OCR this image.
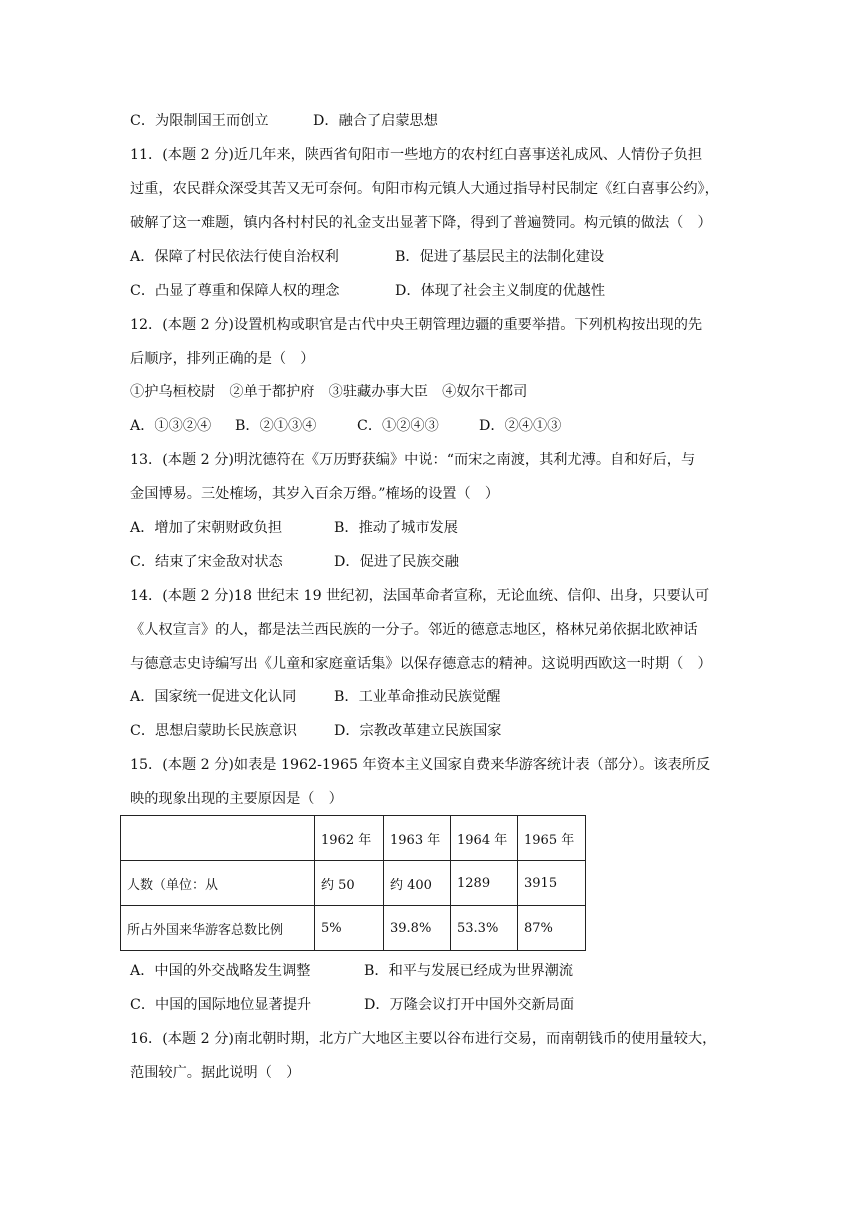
C．为限制国王而创立	D．融合了启蒙思想
11．(本题 2 分)近几年来，陕西省旬阳市一些地方的农村红白喜事送礼成风、人情份子负担
过重，农民群众深受其苦又无可奈何。旬阳市构元镇人大通过指导村民制定《红白喜事公约》，
破解了这一难题，镇内各村村民的礼金支出显著下降，得到了普遍赞同。构元镇的做法（　）
A．保障了村民依法行使自治权利	B．促进了基层民主的法制化建设
C．凸显了尊重和保障人权的理念	D．体现了社会主义制度的优越性
12．(本题 2 分)设置机构或职官是古代中央王朝管理边疆的重要举措。下列机构按出现的先
后顺序，排列正确的是（　）
①护乌桓校尉　②单于都护府　③驻藏办事大臣　④奴尔干都司
A．①③②④ B．②①③④	C．①②④③	D．②④①③
13．(本题 2 分)明沈德符在《万历野获编》中说：“而宋之南渡，其利尤溥。自和好后，与
金国博易。三处榷场，其岁入百余万缗。”榷场的设置（　）
A．增加了宋朝财政负担	B．推动了城市发展
C．结束了宋金敌对状态	D．促进了民族交融
14．(本题 2 分)18 世纪末 19 世纪初，法国革命者宣称，无论血统、信仰、出身，只要认可
《人权宣言》的人，都是法兰西民族的一分子。邻近的德意志地区，格林兄弟依据北欧神话
与德意志史诗编写出《儿童和家庭童话集》以保存德意志的精神。这说明西欧这一时期（　）
A．国家统一促进文化认同	B．工业革命推动民族觉醒
C．思想启蒙助长民族意识	D．宗教改革建立民族国家
15．(本题 2 分)如表是 1962-1965 年资本主义国家自费来华游客统计表（部分）。该表所反
映的现象出现的主要原因是（　）
	1962 年	1963 年	1964 年	1965 年
人数（单位：从	约 50	约 400	1289	3915
所占外国来华游客总数比例	5%	39.8%	53.3%	87%
A．中国的外交战略发生调整	B．和平与发展已经成为世界潮流
C．中国的国际地位显著提升	D．万隆会议打开中国外交新局面
16．(本题 2 分)南北朝时期，北方广大地区主要以谷布进行交易，而南朝钱币的使用量较大，
范围较广。据此说明（　）
